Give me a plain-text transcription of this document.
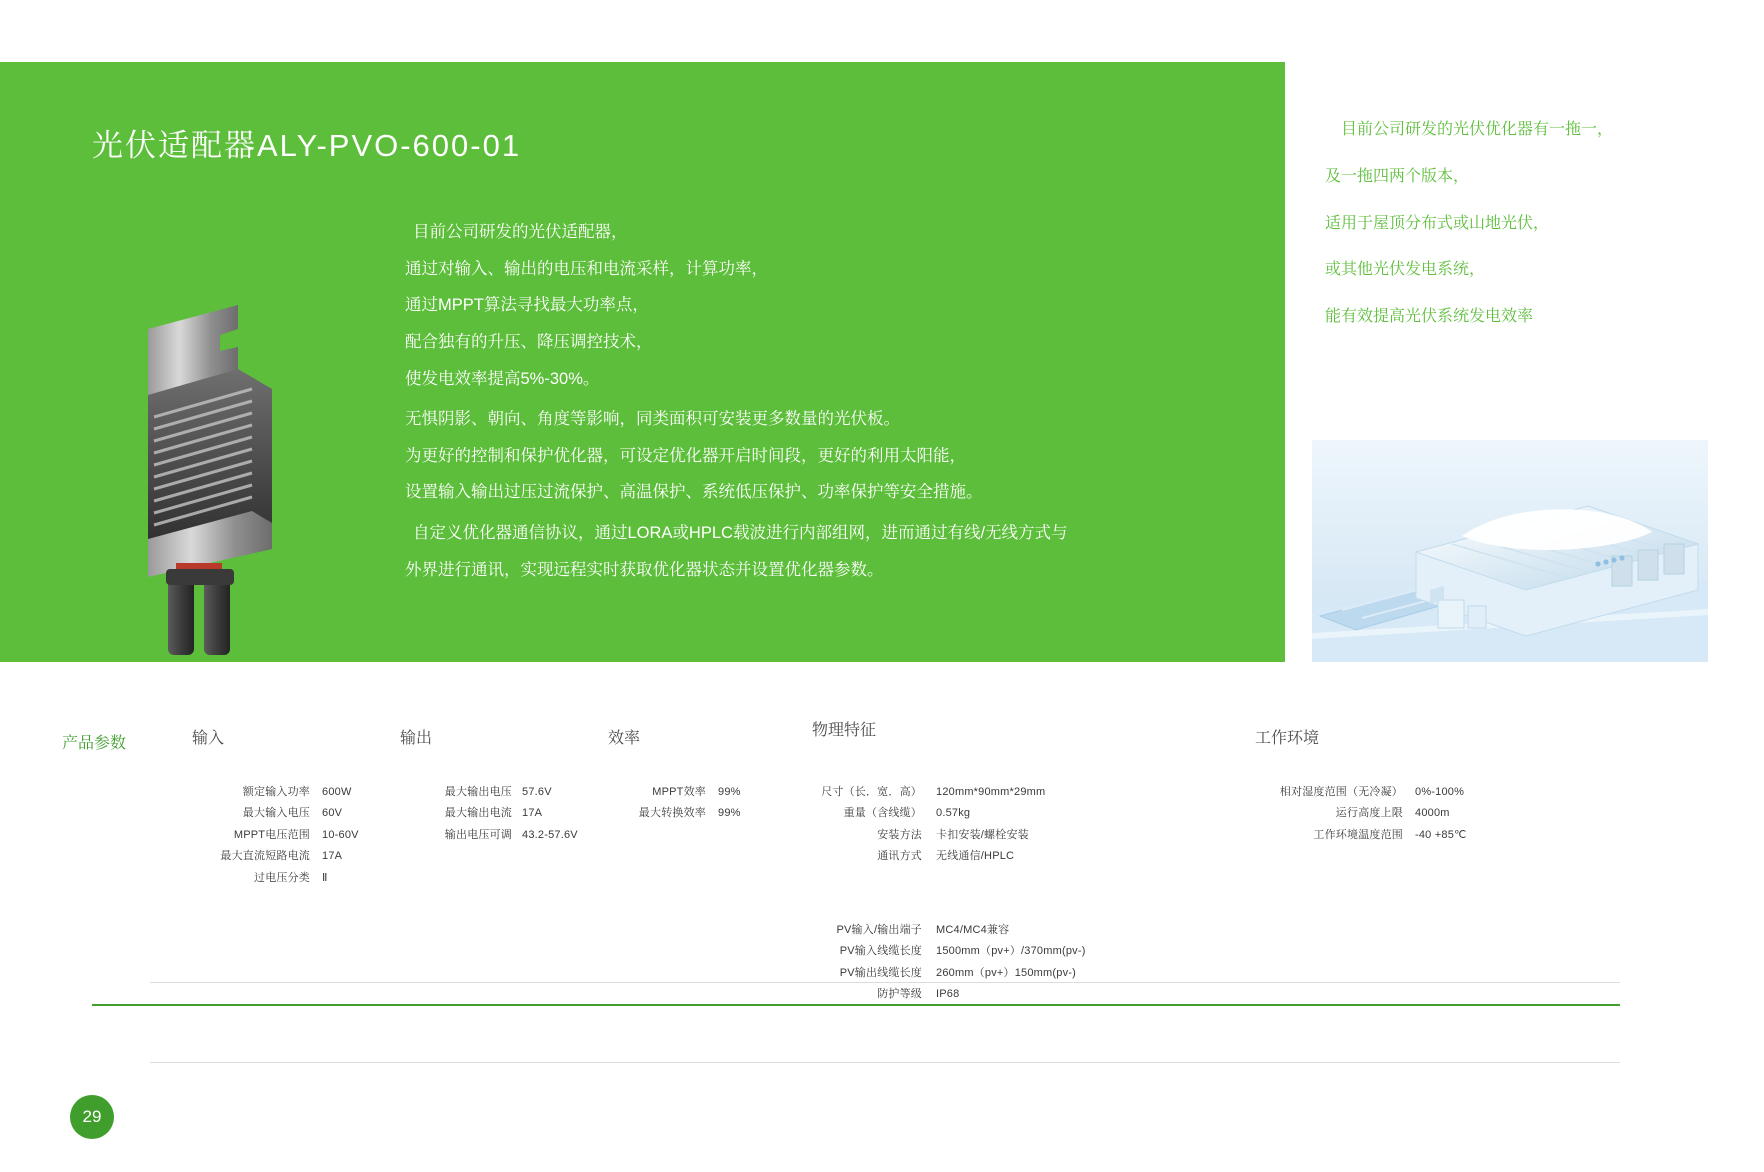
光伏适配器ALY-PVO-600-01

目前公司研发的光伏适配器，

通过对输入、输出的电压和电流采样，计算功率，

通过MPPT算法寻找最大功率点，

配合独有的升压、降压调控技术，

使发电效率提高5%-30%。

无惧阴影、朝向、角度等影响，同类面积可安装更多数量的光伏板。

为更好的控制和保护优化器，可设定优化器开启时间段，更好的利用太阳能，

设置输入输出过压过流保护、高温保护、系统低压保护、功率保护等安全措施。

自定义优化器通信协议，通过LORA或HPLC载波进行内部组网，进而通过有线/无线方式与

外界进行通讯，实现远程实时获取优化器状态并设置优化器参数。

目前公司研发的光伏优化器有一拖一，

及一拖四两个版本，

适用于屋顶分布式或山地光伏，

或其他光伏发电系统，

能有效提高光伏系统发电效率

产品参数	输入
额定输入功率 600W
最大输入电压 60V
MPPT电压范围 10-60V
最大直流短路电流 17A
过电压分类 Ⅱ
输出
最大输出电压 57.6V
最大输出电流 17A
输出电压可调 43.2-57.6V
效率
MPPT效率 99%
最大转换效率 99%
物理特征
尺寸（长．宽．高） 120mm*90mm*29mm
重量（含线缆） 0.57kg
安装方法 卡扣安装/螺栓安装
通讯方式 无线通信/HPLC
PV输入/输出端子 MC4/MC4兼容
PV输入线缆长度 1500mm（pv+）/370mm(pv-)
PV输出线缆长度 260mm（pv+）150mm(pv-)
防护等级 IP68
工作环境
相对湿度范围（无冷凝） 0%-100%
运行高度上限 4000m
工作环境温度范围 -40 +85℃
29
